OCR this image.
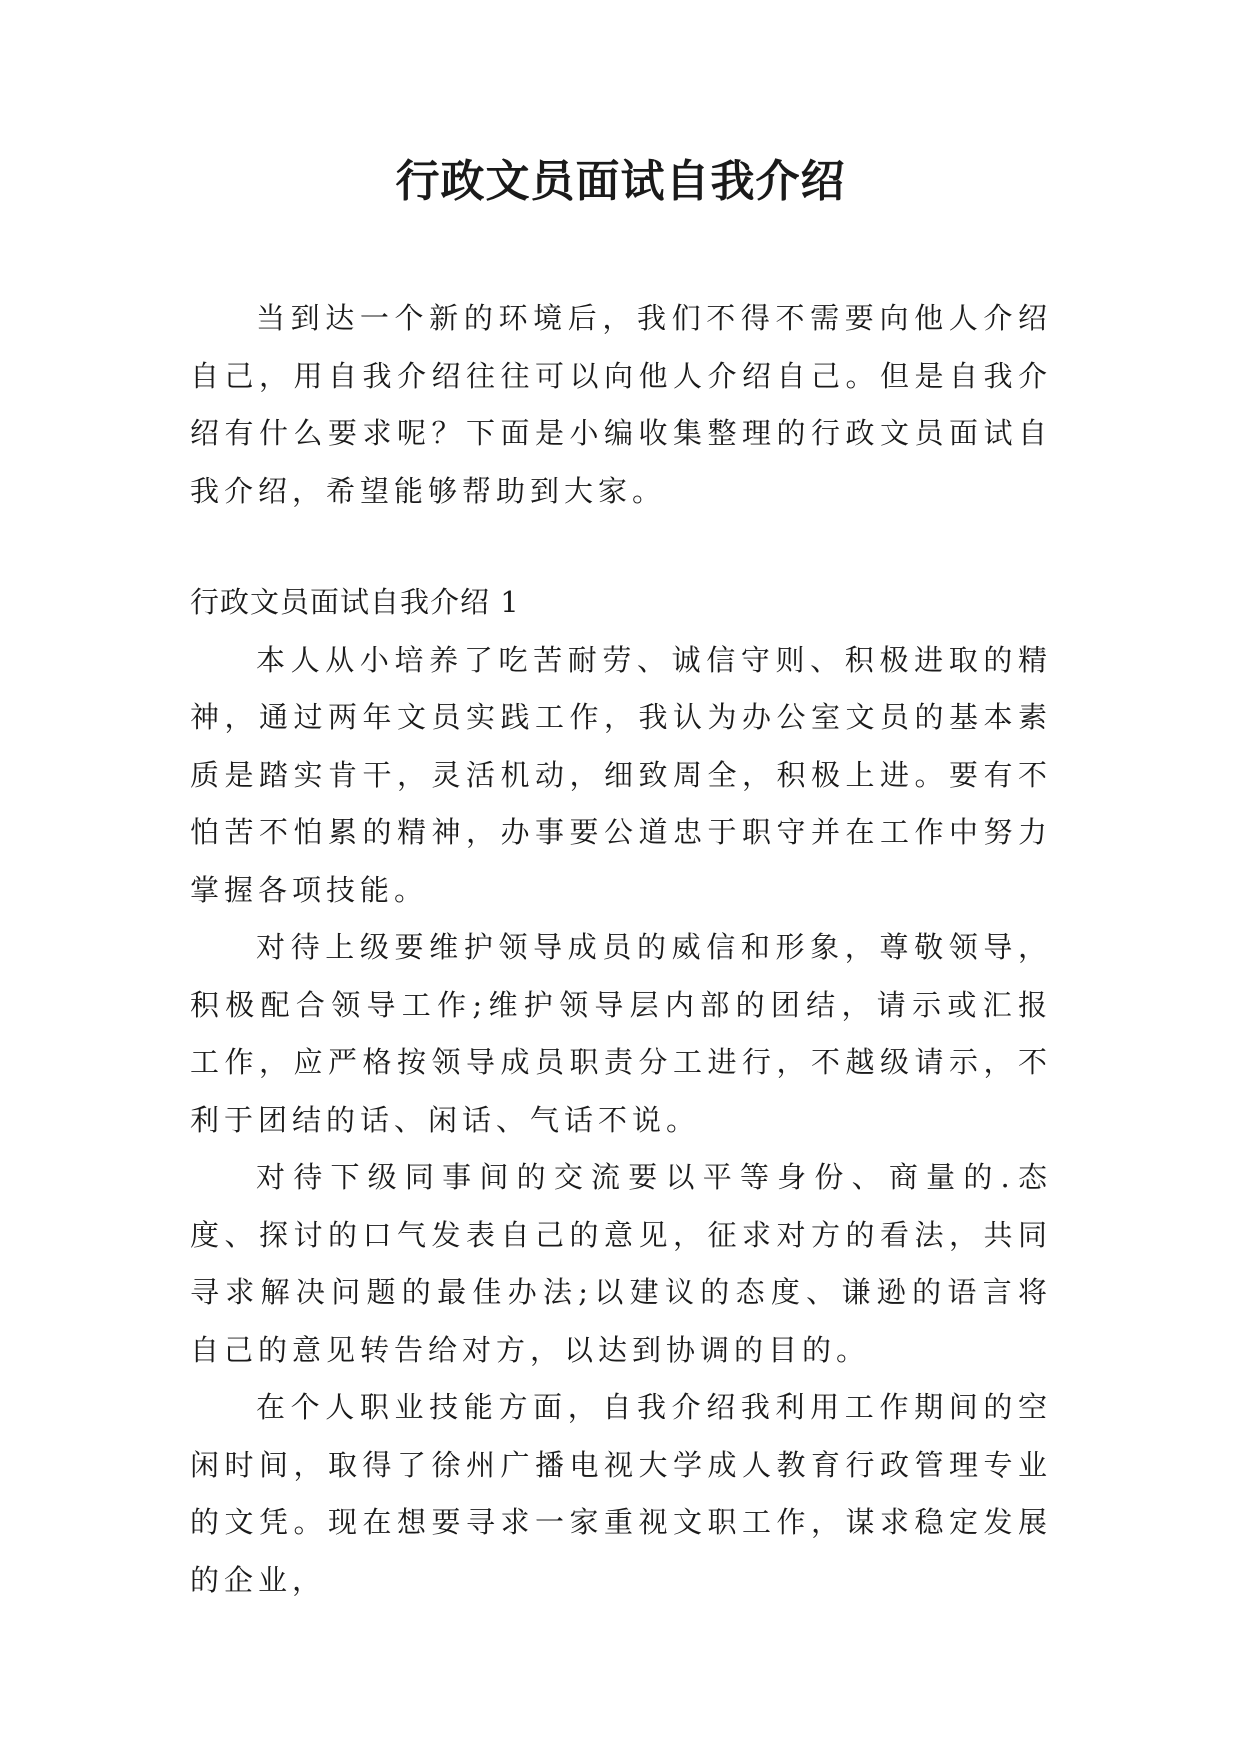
行政文员面试自我介绍

当到达一个新的环境后，我们不得不需要向他人介绍自己，用自我介绍往往可以向他人介绍自己。但是自我介绍有什么要求呢？下面是小编收集整理的行政文员面试自我介绍，希望能够帮助到大家。

行政文员面试自我介绍 1

本人从小培养了吃苦耐劳、诚信守则、积极进取的精神，通过两年文员实践工作，我认为办公室文员的基本素质是踏实肯干，灵活机动，细致周全，积极上进。要有不怕苦不怕累的精神，办事要公道忠于职守并在工作中努力掌握各项技能。

对待上级要维护领导成员的威信和形象，尊敬领导，积极配合领导工作;维护领导层内部的团结，请示或汇报工作，应严格按领导成员职责分工进行，不越级请示，不利于团结的话、闲话、气话不说。

对待下级同事间的交流要以平等身份、商量的.态度、探讨的口气发表自己的意见，征求对方的看法，共同寻求解决问题的最佳办法;以建议的态度、谦逊的语言将自己的意见转告给对方，以达到协调的目的。

在个人职业技能方面，自我介绍我利用工作期间的空闲时间，取得了徐州广播电视大学成人教育行政管理专业的文凭。现在想要寻求一家重视文职工作，谋求稳定发展的企业，
